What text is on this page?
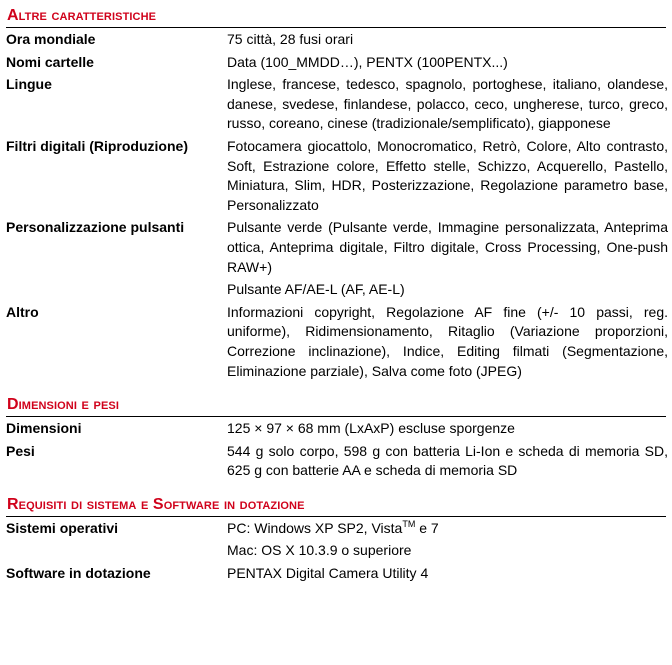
Altre caratteristiche
Ora mondiale	75 città, 28 fusi orari
Nomi cartelle	Data (100_MMDD…), PENTX (100PENTX...)
Lingue	Inglese, francese, tedesco, spagnolo, portoghese, italiano, olandese, danese, svedese, finlandese, polacco, ceco, ungherese, turco, greco, russo, coreano, cinese (tradizionale/semplificato), giapponese
Filtri digitali (Riproduzione)	Fotocamera giocattolo, Monocromatico, Retrò, Colore, Alto contrasto, Soft, Estrazione colore, Effetto stelle, Schizzo, Acquerello, Pastello, Miniatura, Slim, HDR, Posterizzazione, Regolazione parametro base, Personalizzato
Personalizzazione pulsanti	Pulsante verde (Pulsante verde, Immagine personalizzata, Anteprima ottica, Anteprima digitale, Filtro digitale, Cross Processing, One-push RAW+)
Pulsante AF/AE-L (AF, AE-L)
Altro	Informazioni copyright, Regolazione AF fine (+/- 10 passi, reg. uniforme), Ridimensionamento, Ritaglio (Variazione proporzioni, Correzione inclinazione), Indice, Editing filmati (Segmentazione, Eliminazione parziale), Salva come foto (JPEG)
Dimensioni e pesi
Dimensioni	125 × 97 × 68 mm (LxAxP) escluse sporgenze
Pesi	544 g solo corpo, 598 g con batteria Li-Ion e scheda di memoria SD, 625 g con batterie AA e scheda di memoria SD
Requisiti di sistema e Software in dotazione
Sistemi operativi	PC: Windows XP SP2, Vista™ e 7
Mac: OS X 10.3.9 o superiore
Software in dotazione	PENTAX Digital Camera Utility 4
